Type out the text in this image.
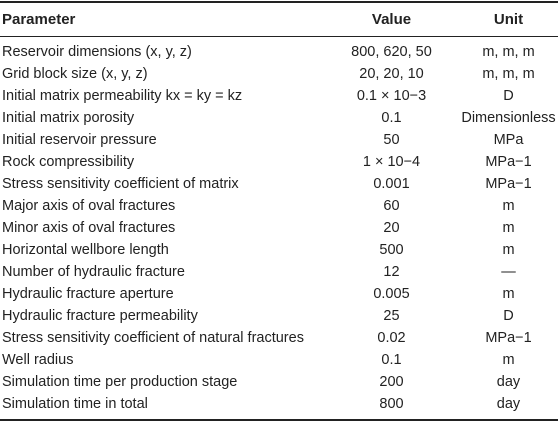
Parameter	Value	Unit
Reservoir dimensions (x, y, z)	800, 620, 50	m, m, m
Grid block size (x, y, z)	20, 20, 10	m, m, m
Initial matrix permeability kx = ky = kz	0.1 × 10−3	D
Initial matrix porosity	0.1	Dimensionless
Initial reservoir pressure	50	MPa
Rock compressibility	1 × 10−4	MPa−1
Stress sensitivity coefficient of matrix	0.001	MPa−1
Major axis of oval fractures	60	m
Minor axis of oval fractures	20	m
Horizontal wellbore length	500	m
Number of hydraulic fracture	12	—
Hydraulic fracture aperture	0.005	m
Hydraulic fracture permeability	25	D
Stress sensitivity coefficient of natural fractures	0.02	MPa−1
Well radius	0.1	m
Simulation time per production stage	200	day
Simulation time in total	800	day
